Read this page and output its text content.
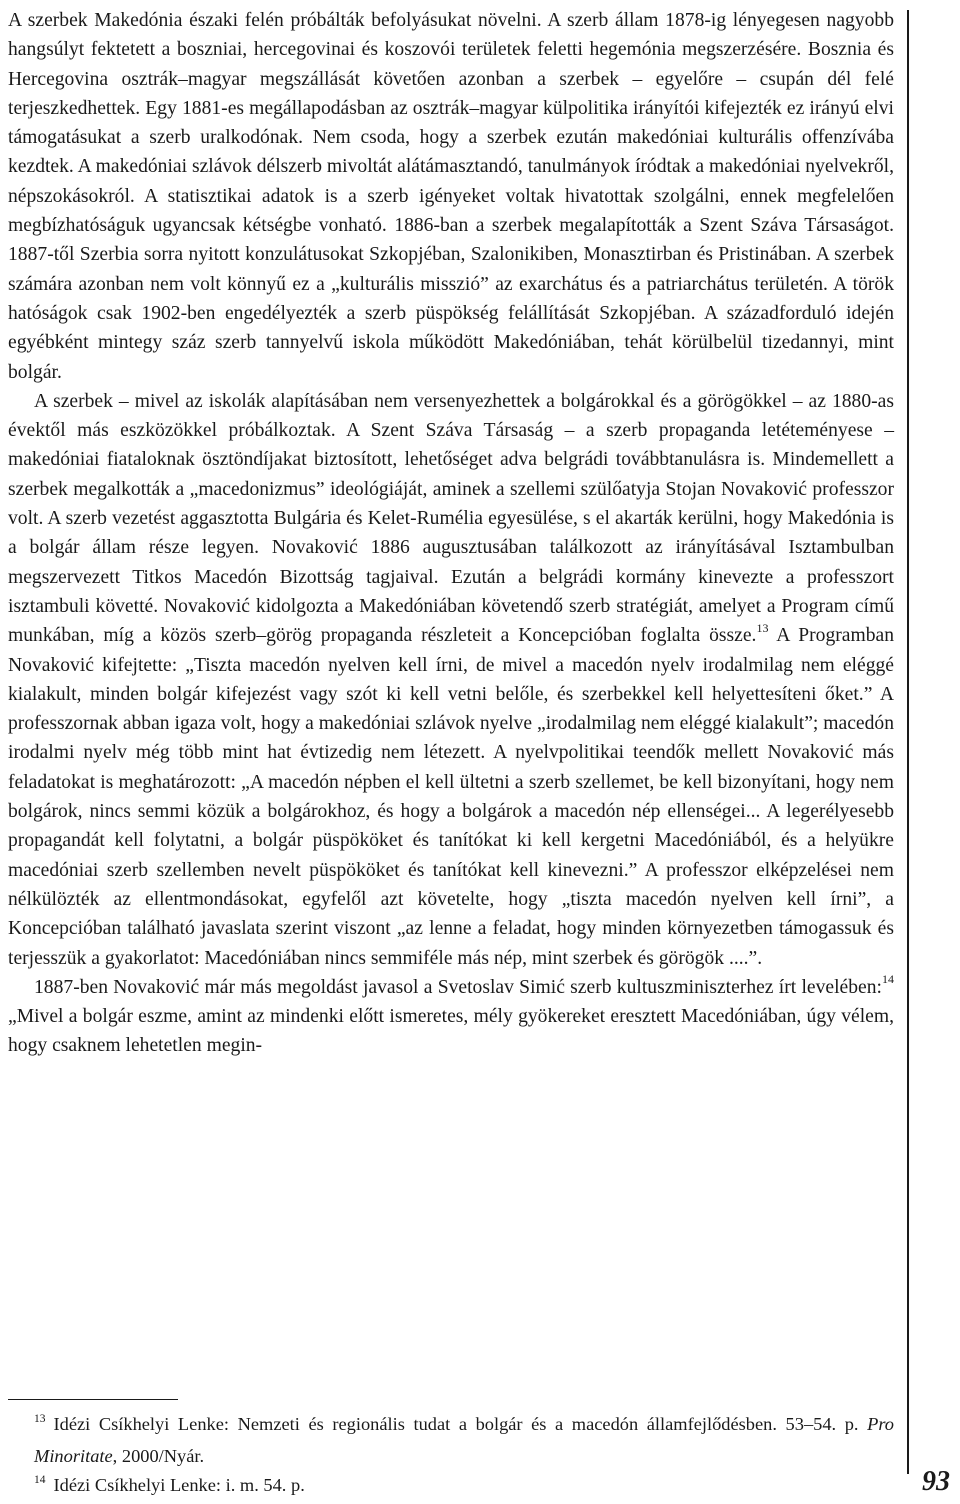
A szerbek Makedónia északi felén próbálták befolyásukat növelni. A szerb állam 1878-ig lényegesen nagyobb hangsúlyt fektetett a boszniai, hercegovinai és koszovói területek feletti hegemónia megszerzésére. Bosznia és Hercegovina osztrák–magyar megszállását követően azonban a szerbek – egyelőre – csupán dél felé terjeszkedhettek. Egy 1881-es megállapodásban az osztrák–magyar külpolitika irányítói kifejezték ez irányú elvi támogatásukat a szerb uralkodónak. Nem csoda, hogy a szerbek ezután makedóniai kulturális offenzívába kezdtek. A makedóniai szlávok délszerb mivoltát alátámasztandó, tanulmányok íródtak a makedóniai nyelvekről, népszokásokról. A statisztikai adatok is a szerb igényeket voltak hivatottak szolgálni, ennek megfelelően megbízhatóságuk ugyancsak kétségbe vonható. 1886-ban a szerbek megalapították a Szent Száva Társaságot. 1887-től Szerbia sorra nyitott konzulátusokat Szkopjéban, Szalonikiben, Monasztirban és Pristinában. A szerbek számára azonban nem volt könnyű ez a „kulturális misszió” az exarchátus és a patriarchátus területén. A török hatóságok csak 1902-ben engedélyezték a szerb püspökség felállítását Szkopjéban. A századforduló idején egyébként mintegy száz szerb tannyelvű iskola működött Makedóniában, tehát körülbelül tizedannyi, mint bolgár.

A szerbek – mivel az iskolák alapításában nem versenyezhettek a bolgárokkal és a görögökkel – az 1880-as évektől más eszközökkel próbálkoztak. A Szent Száva Társaság – a szerb propaganda letéteményese – makedóniai fiataloknak ösztöndíjakat biztosított, lehetőséget adva belgrádi továbbtanulásra is. Mindemellett a szerbek megalkották a „macedonizmus” ideológiáját, aminek a szellemi szülőatyja Stojan Novaković professzor volt. A szerb vezetést aggasztotta Bulgária és Kelet-Rumélia egyesülése, s el akarták kerülni, hogy Makedónia is a bolgár állam része legyen. Novaković 1886 augusztusában találkozott az irányításával Isztambulban megszervezett Titkos Macedón Bizottság tagjaival. Ezután a belgrádi kormány kinevezte a professzort isztambuli követté. Novaković kidolgozta a Makedóniában követendő szerb stratégiát, amelyet a Program című munkában, míg a közös szerb–görög propaganda részleteit a Koncepcióban foglalta össze.$^{13}$ A Programban Novaković kifejtette: „Tiszta macedón nyelven kell írni, de mivel a macedón nyelv irodalmilag nem eléggé kialakult, minden bolgár kifejezést vagy szót ki kell vetni belőle, és szerbekkel kell helyettesíteni őket.” A professzornak abban igaza volt, hogy a makedóniai szlávok nyelve „irodalmilag nem eléggé kialakult”; macedón irodalmi nyelv még több mint hat évtizedig nem létezett. A nyelvpolitikai teendők mellett Novaković más feladatokat is meghatározott: „A macedón népben el kell ültetni a szerb szellemet, be kell bizonyítani, hogy nem bolgárok, nincs semmi közük a bolgárokhoz, és hogy a bolgárok a macedón nép ellenségei... A legerélyesebb propagandát kell folytatni, a bolgár püspököket és tanítókat ki kell kergetni Macedóniából, és a helyükre macedóniai szerb szellemben nevelt püspököket és tanítókat kell kinevezni.” A professzor elképzelései nem nélkülözték az ellentmondásokat, egyfelől azt követelte, hogy „tiszta macedón nyelven kell írni”, a Koncepcióban található javaslata szerint viszont „az lenne a feladat, hogy minden környezetben támogassuk és terjesszük a gyakorlatot: Macedóniában nincs semmiféle más nép, mint szerbek és görögök ....”.

1887-ben Novaković már más megoldást javasol a Svetoslav Simić szerb kultuszminiszterhez írt levelében:$^{14}$ „Mivel a bolgár eszme, amint az mindenki előtt ismeretes, mély gyökereket eresztett Macedóniában, úgy vélem, hogy csaknem lehetetlen megin-

$^{13}$ Idézi Csíkhelyi Lenke: Nemzeti és regionális tudat a bolgár és a macedón államfejlődésben. 53–54. p. Pro Minoritate, 2000/Nyár.

$^{14}$ Idézi Csíkhelyi Lenke: i. m. 54. p.	93
